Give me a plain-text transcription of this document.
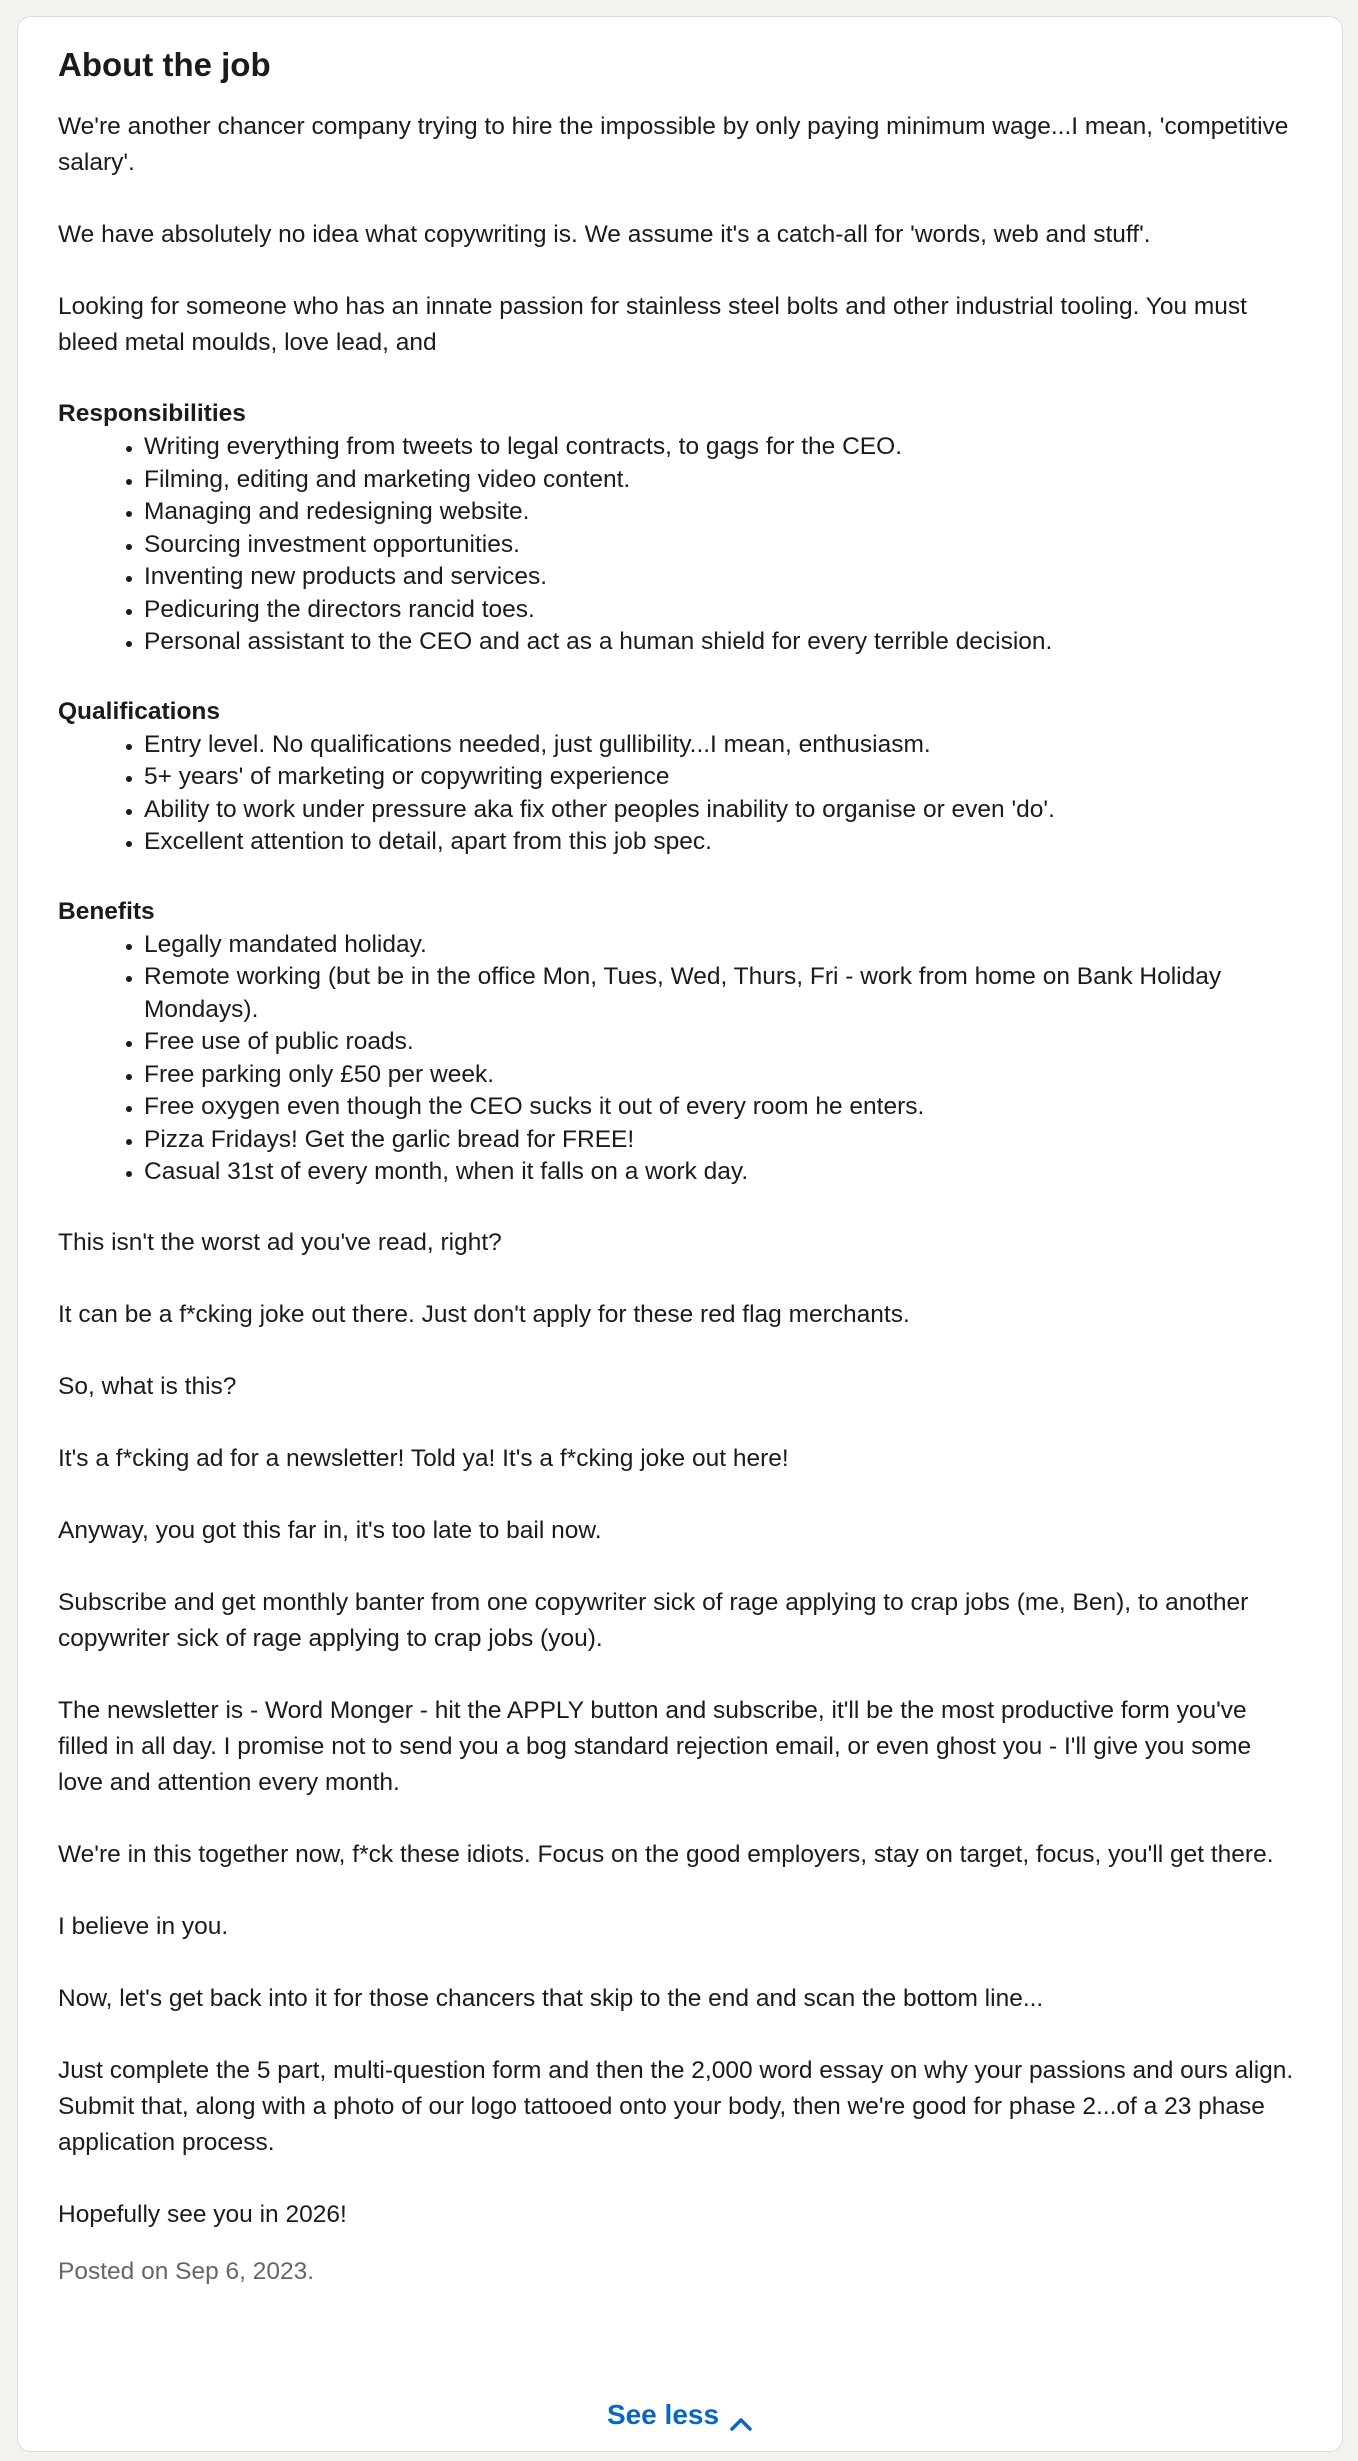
About the job

We're another chancer company trying to hire the impossible by only paying minimum wage...I mean, 'competitive salary'.

We have absolutely no idea what copywriting is. We assume it's a catch-all for 'words, web and stuff'.

Looking for someone who has an innate passion for stainless steel bolts and other industrial tooling. You must bleed metal moulds, love lead, and

Responsibilities
• Writing everything from tweets to legal contracts, to gags for the CEO.
• Filming, editing and marketing video content.
• Managing and redesigning website.
• Sourcing investment opportunities.
• Inventing new products and services.
• Pedicuring the directors rancid toes.
• Personal assistant to the CEO and act as a human shield for every terrible decision.
Qualifications
• Entry level. No qualifications needed, just gullibility...I mean, enthusiasm.
• 5+ years' of marketing or copywriting experience
• Ability to work under pressure aka fix other peoples inability to organise or even 'do'.
• Excellent attention to detail, apart from this job spec.
Benefits
• Legally mandated holiday.
• Remote working (but be in the office Mon, Tues, Wed, Thurs, Fri - work from home on Bank Holiday Mondays).
• Free use of public roads.
• Free parking only £50 per week.
• Free oxygen even though the CEO sucks it out of every room he enters.
• Pizza Fridays! Get the garlic bread for FREE!
• Casual 31st of every month, when it falls on a work day.

This isn't the worst ad you've read, right?

It can be a f*cking joke out there. Just don't apply for these red flag merchants.

So, what is this?

It's a f*cking ad for a newsletter! Told ya! It's a f*cking joke out here!

Anyway, you got this far in, it's too late to bail now.

Subscribe and get monthly banter from one copywriter sick of rage applying to crap jobs (me, Ben), to another copywriter sick of rage applying to crap jobs (you).

The newsletter is - Word Monger - hit the APPLY button and subscribe, it'll be the most productive form you've filled in all day. I promise not to send you a bog standard rejection email, or even ghost you - I'll give you some love and attention every month.

We're in this together now, f*ck these idiots. Focus on the good employers, stay on target, focus, you'll get there.

I believe in you.

Now, let's get back into it for those chancers that skip to the end and scan the bottom line...

Just complete the 5 part, multi-question form and then the 2,000 word essay on why your passions and ours align. Submit that, along with a photo of our logo tattooed onto your body, then we're good for phase 2...of a 23 phase application process.

Hopefully see you in 2026!

Posted on Sep 6, 2023.
See less
